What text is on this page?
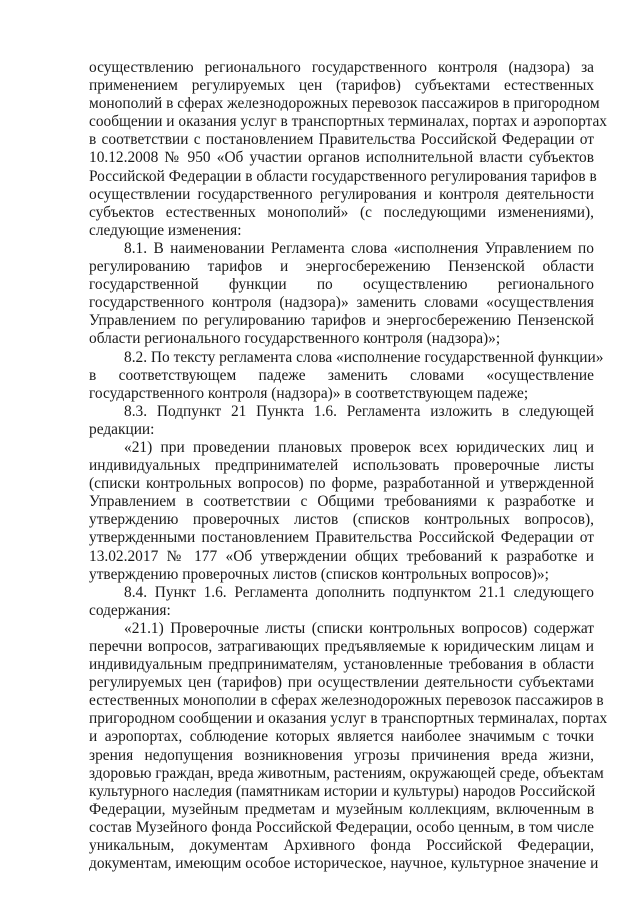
осуществлению регионального государственного контроля (надзора) за
применением регулируемых цен (тарифов) субъектами естественных
монополий в сферах железнодорожных перевозок пассажиров в пригородном
сообщении и оказания услуг в транспортных терминалах, портах и аэропортах
в соответствии с постановлением Правительства Российской Федерации от
10.12.2008 № 950 «Об участии органов исполнительной власти субъектов
Российской Федерации в области государственного регулирования тарифов в
осуществлении государственного регулирования и контроля деятельности
субъектов естественных монополий» (с последующими изменениями),
следующие изменения:
8.1. В наименовании Регламента слова «исполнения Управлением по
регулированию тарифов и энергосбережению Пензенской области
государственной функции по осуществлению регионального
государственного контроля (надзора)» заменить словами «осуществления
Управлением по регулированию тарифов и энергосбережению Пензенской
области регионального государственного контроля (надзора)»;
8.2. По тексту регламента слова «исполнение государственной функции»
в соответствующем падеже заменить словами «осуществление
государственного контроля (надзора)» в соответствующем падеже;
8.3. Подпункт 21 Пункта 1.6. Регламента изложить в следующей
редакции:
«21) при проведении плановых проверок всех юридических лиц и
индивидуальных предпринимателей использовать проверочные листы
(списки контрольных вопросов) по форме, разработанной и утвержденной
Управлением в соответствии с Общими требованиями к разработке и
утверждению проверочных листов (списков контрольных вопросов),
утвержденными постановлением Правительства Российской Федерации от
13.02.2017 № 177 «Об утверждении общих требований к разработке и
утверждению проверочных листов (списков контрольных вопросов)»;
8.4. Пункт 1.6. Регламента дополнить подпунктом 21.1 следующего
содержания:
«21.1) Проверочные листы (списки контрольных вопросов) содержат
перечни вопросов, затрагивающих предъявляемые к юридическим лицам и
индивидуальным предпринимателям, установленные требования в области
регулируемых цен (тарифов) при осуществлении деятельности субъектами
естественных монополии в сферах железнодорожных перевозок пассажиров в
пригородном сообщении и оказания услуг в транспортных терминалах, портах
и аэропортах, соблюдение которых является наиболее значимым с точки
зрения недопущения возникновения угрозы причинения вреда жизни,
здоровью граждан, вреда животным, растениям, окружающей среде, объектам
культурного наследия (памятникам истории и культуры) народов Российской
Федерации, музейным предметам и музейным коллекциям, включенным в
состав Музейного фонда Российской Федерации, особо ценным, в том числе
уникальным, документам Архивного фонда Российской Федерации,
документам, имеющим особое историческое, научное, культурное значение и
